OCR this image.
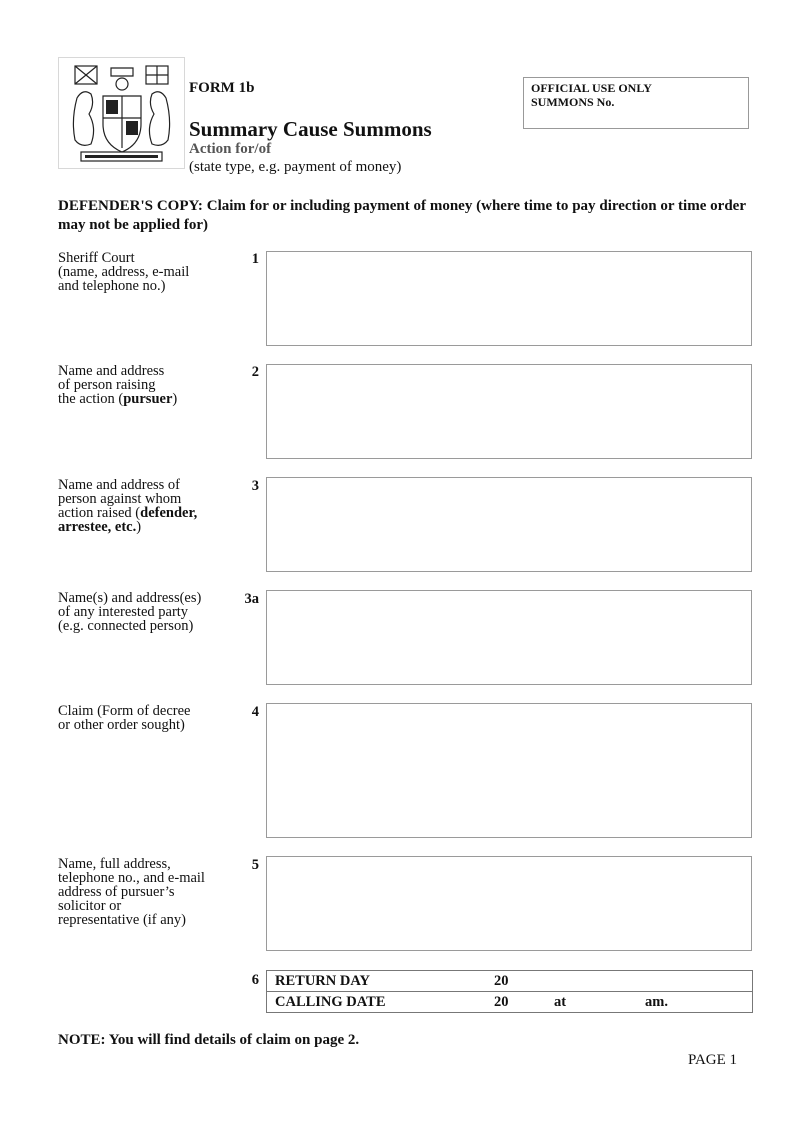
FORM 1b
Summary Cause Summons
Action for/of
(state type, e.g. payment of money)
OFFICIAL USE ONLY
SUMMONS No.
DEFENDER'S COPY: Claim for or including payment of money (where time to pay direction or time order may not be applied for)
Sheriff Court
(name, address, e-mail
and telephone no.)
1
Name and address
of person raising
the action (pursuer)
2
Name and address of
person against whom
action raised (defender,
arrestee, etc.)
3
Name(s) and address(es)
of any interested party
(e.g. connected person)
3a
Claim (Form of decree
or other order sought)
4
Name, full address,
telephone no., and e-mail
address of pursuer’s
solicitor or
representative (if any)
5
6 RETURN DAY	20
CALLING DATE	20	at	am.
NOTE: You will find details of claim on page 2.
PAGE 1
